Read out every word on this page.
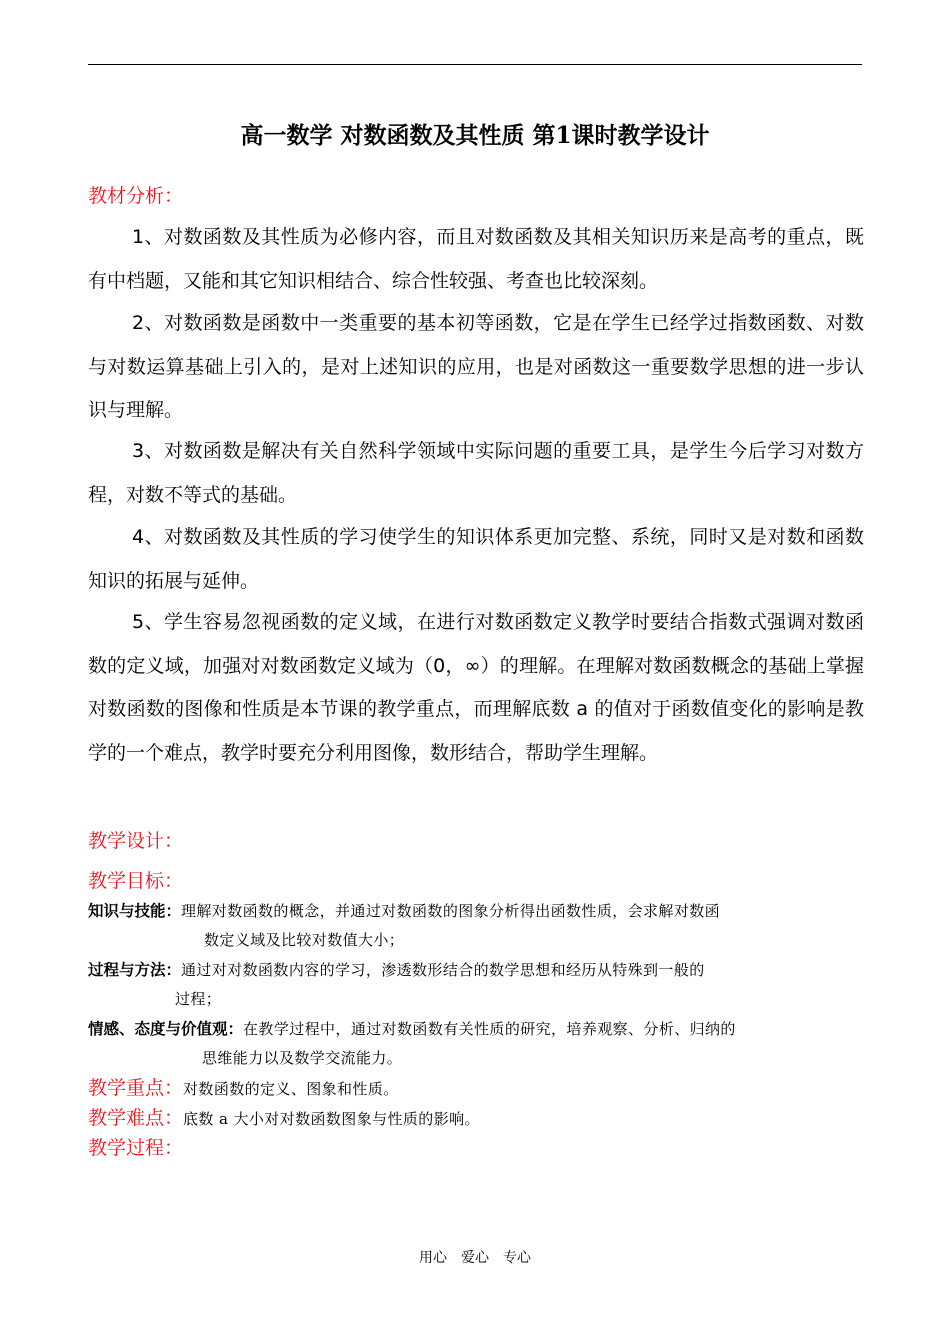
高一数学 对数函数及其性质 第1课时教学设计
教材分析：
1、对数函数及其性质为必修内容，而且对数函数及其相关知识历来是高考的重点，既有中档题，又能和其它知识相结合、综合性较强、考查也比较深刻。
2、对数函数是函数中一类重要的基本初等函数，它是在学生已经学过指数函数、对数与对数运算基础上引入的，是对上述知识的应用，也是对函数这一重要数学思想的进一步认识与理解。
3、对数函数是解决有关自然科学领域中实际问题的重要工具，是学生今后学习对数方程，对数不等式的基础。
4、对数函数及其性质的学习使学生的知识体系更加完整、系统，同时又是对数和函数知识的拓展与延伸。
5、学生容易忽视函数的定义域，在进行对数函数定义教学时要结合指数式强调对数函数的定义域，加强对对数函数定义域为（0，∞）的理解。在理解对数函数概念的基础上掌握对数函数的图像和性质是本节课的教学重点，而理解底数 a 的值对于函数值变化的影响是教学的一个难点，教学时要充分利用图像，数形结合，帮助学生理解。
教学设计：
教学目标：
知识与技能：理解对数函数的概念，并通过对数函数的图象分析得出函数性质，会求解对数函
数定义域及比较对数值大小；
过程与方法：通过对对数函数内容的学习，渗透数形结合的数学思想和经历从特殊到一般的
过程；
情感、态度与价值观：在教学过程中，通过对数函数有关性质的研究，培养观察、分析、归纳的
思维能力以及数学交流能力。
教学重点：对数函数的定义、图象和性质。
教学难点：底数 a 大小对对数函数图象与性质的影响。
教学过程：
用心　爱心　专心
